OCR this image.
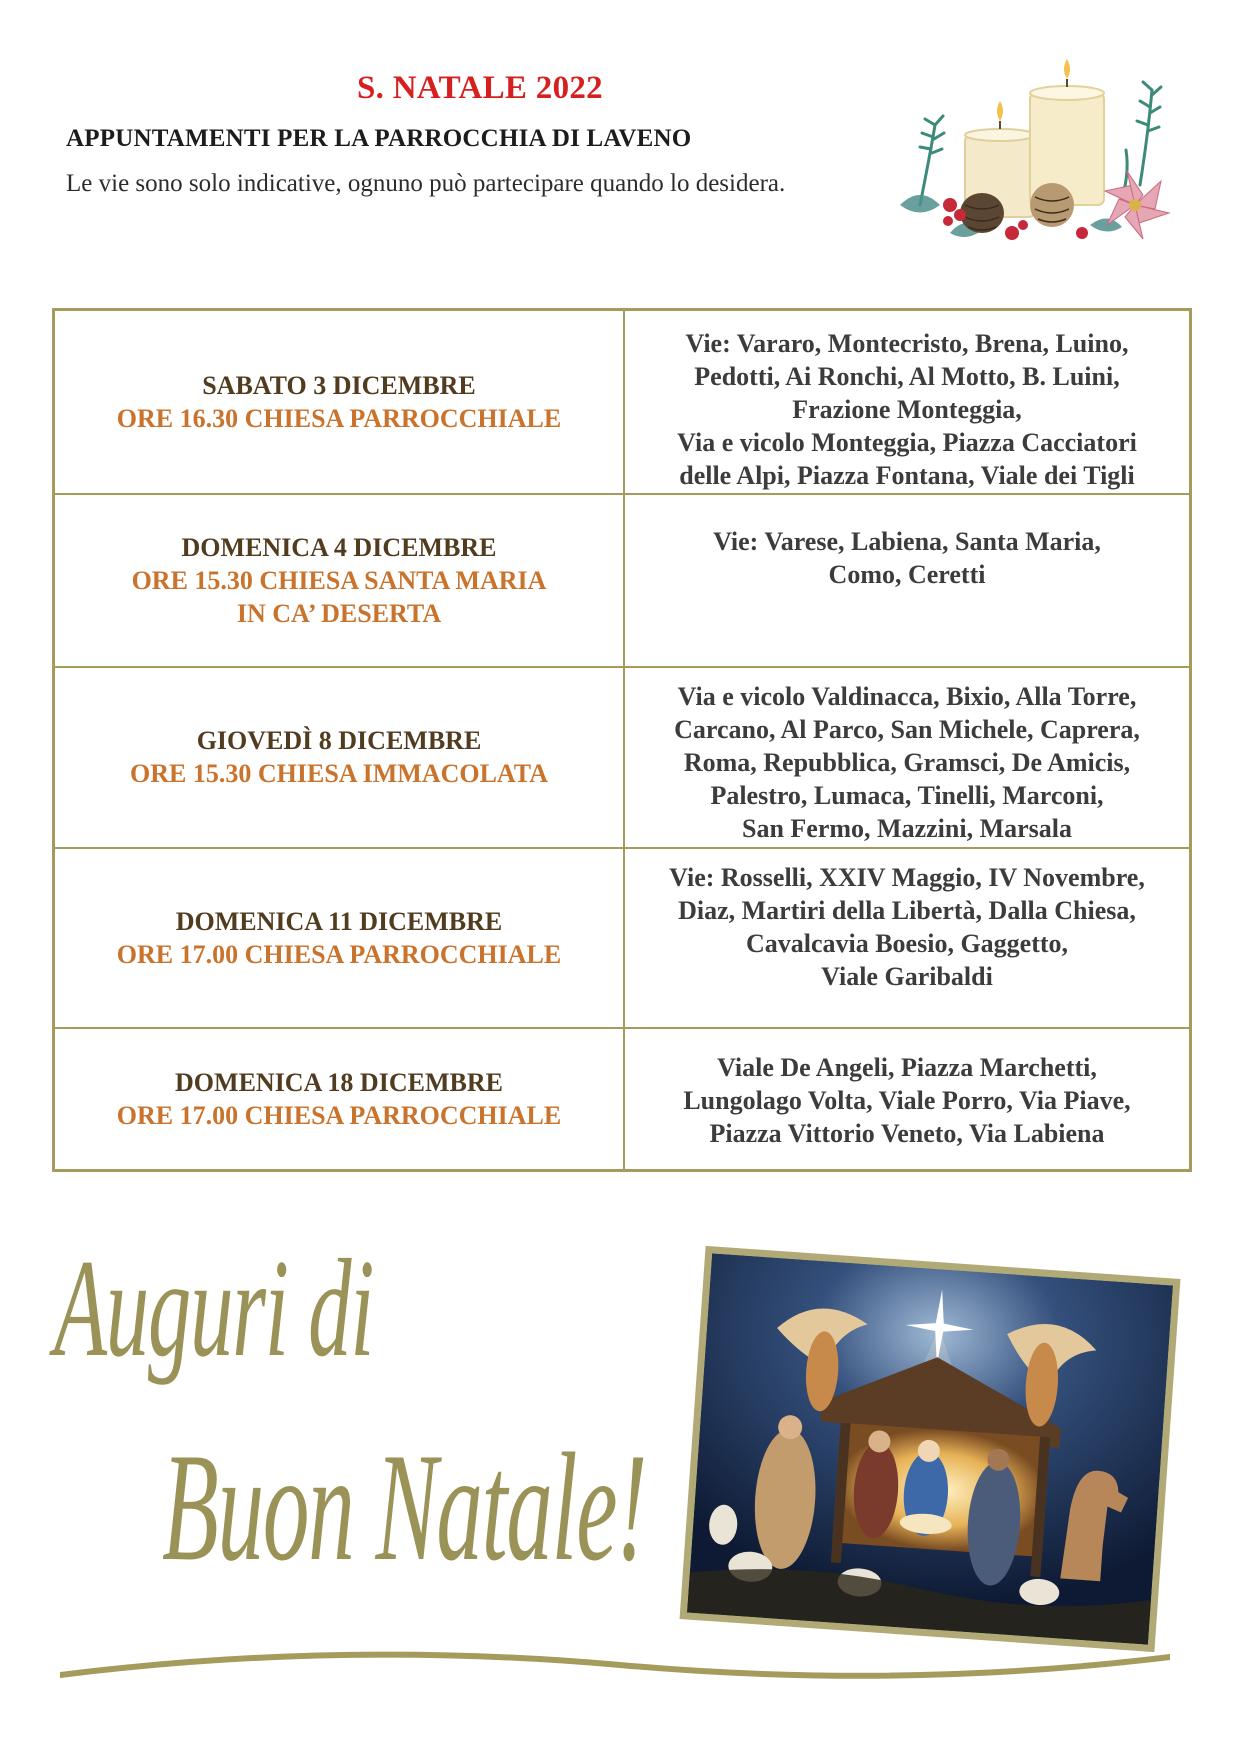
S. NATALE 2022
APPUNTAMENTI PER LA PARROCCHIA DI LAVENO
Le vie sono solo indicative, ognuno può partecipare quando lo desidera.
SABATO 3 DICEMBRE
ORE 16.30 CHIESA PARROCCHIALE	Vie: Vararo, Montecristo, Brena, Luino,
Pedotti, Ai Ronchi, Al Motto, B. Luini,
Frazione Monteggia,
Via e vicolo Monteggia, Piazza Cacciatori
delle Alpi, Piazza Fontana, Viale dei Tigli

DOMENICA 4 DICEMBRE
ORE 15.30 CHIESA SANTA MARIA
IN CA’ DESERTA	Vie: Varese, Labiena, Santa Maria,
Como, Ceretti

GIOVEDÌ 8 DICEMBRE
ORE 15.30 CHIESA IMMACOLATA	Via e vicolo Valdinacca, Bixio, Alla Torre,
Carcano, Al Parco, San Michele, Caprera,
Roma, Repubblica, Gramsci, De Amicis,
Palestro, Lumaca, Tinelli, Marconi,
San Fermo, Mazzini, Marsala

DOMENICA 11 DICEMBRE
ORE 17.00 CHIESA PARROCCHIALE	Vie: Rosselli, XXIV Maggio, IV Novembre,
Diaz, Martiri della Libertà, Dalla Chiesa,
Cavalcavia Boesio, Gaggetto,
Viale Garibaldi

DOMENICA 18 DICEMBRE
ORE 17.00 CHIESA PARROCCHIALE	Viale De Angeli, Piazza Marchetti,
Lungolago Volta, Viale Porro, Via Piave,
Piazza Vittorio Veneto, Via Labiena
Auguri di
Buon Natale!
